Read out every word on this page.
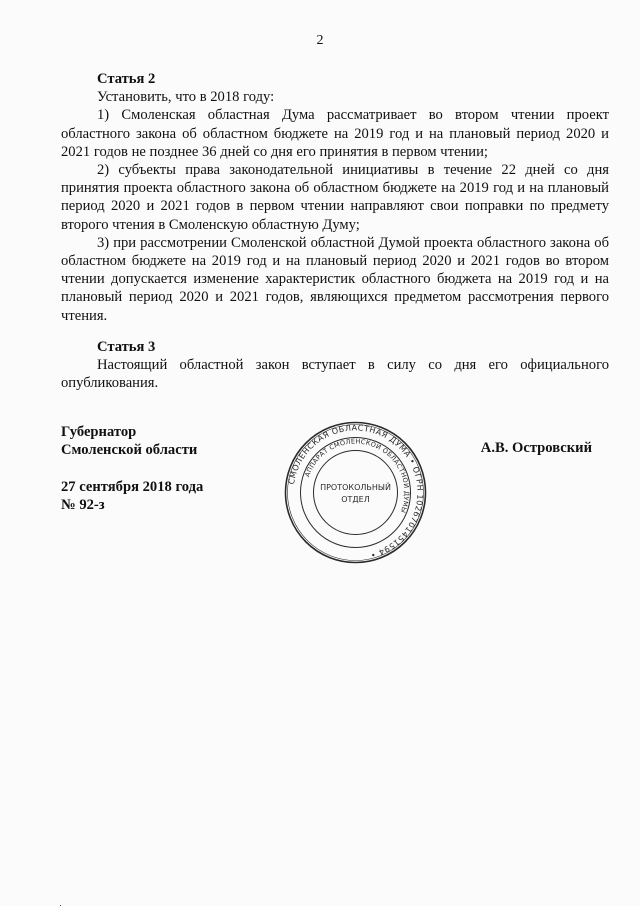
2

Статья 2

Установить, что в 2018 году:

1) Смоленская областная Дума рассматривает во втором чтении проект областного закона об областном бюджете на 2019 год и на плановый период 2020 и 2021 годов не позднее 36 дней со дня его принятия в первом чтении;

2) субъекты права законодательной инициативы в течение 22 дней со дня принятия проекта областного закона об областном бюджете на 2019 год и на плановый период 2020 и 2021 годов в первом чтении направляют свои поправки по предмету второго чтения в Смоленскую областную Думу;

3) при рассмотрении Смоленской областной Думой проекта областного закона об областном бюджете на 2019 год и на плановый период 2020 и 2021 годов во втором чтении допускается изменение характеристик областного бюджета на 2019 год и на плановый период 2020 и 2021 годов, являющихся предметом рассмотрения первого чтения.

Статья 3

Настоящий областной закон вступает в силу со дня его официального опубликования.

Губернатор
Смоленской области
27 сентября 2018 года
№ 92-з
А.В. Островский
СМОЛЕНСКАЯ ОБЛАСТНАЯ ДУМА • ОГРН 1026701451594 •
АППАРАТ СМОЛЕНСКОЙ ОБЛАСТНОЙ ДУМЫ
ПРОТОКОЛЬНЫЙ
ОТДЕЛ
